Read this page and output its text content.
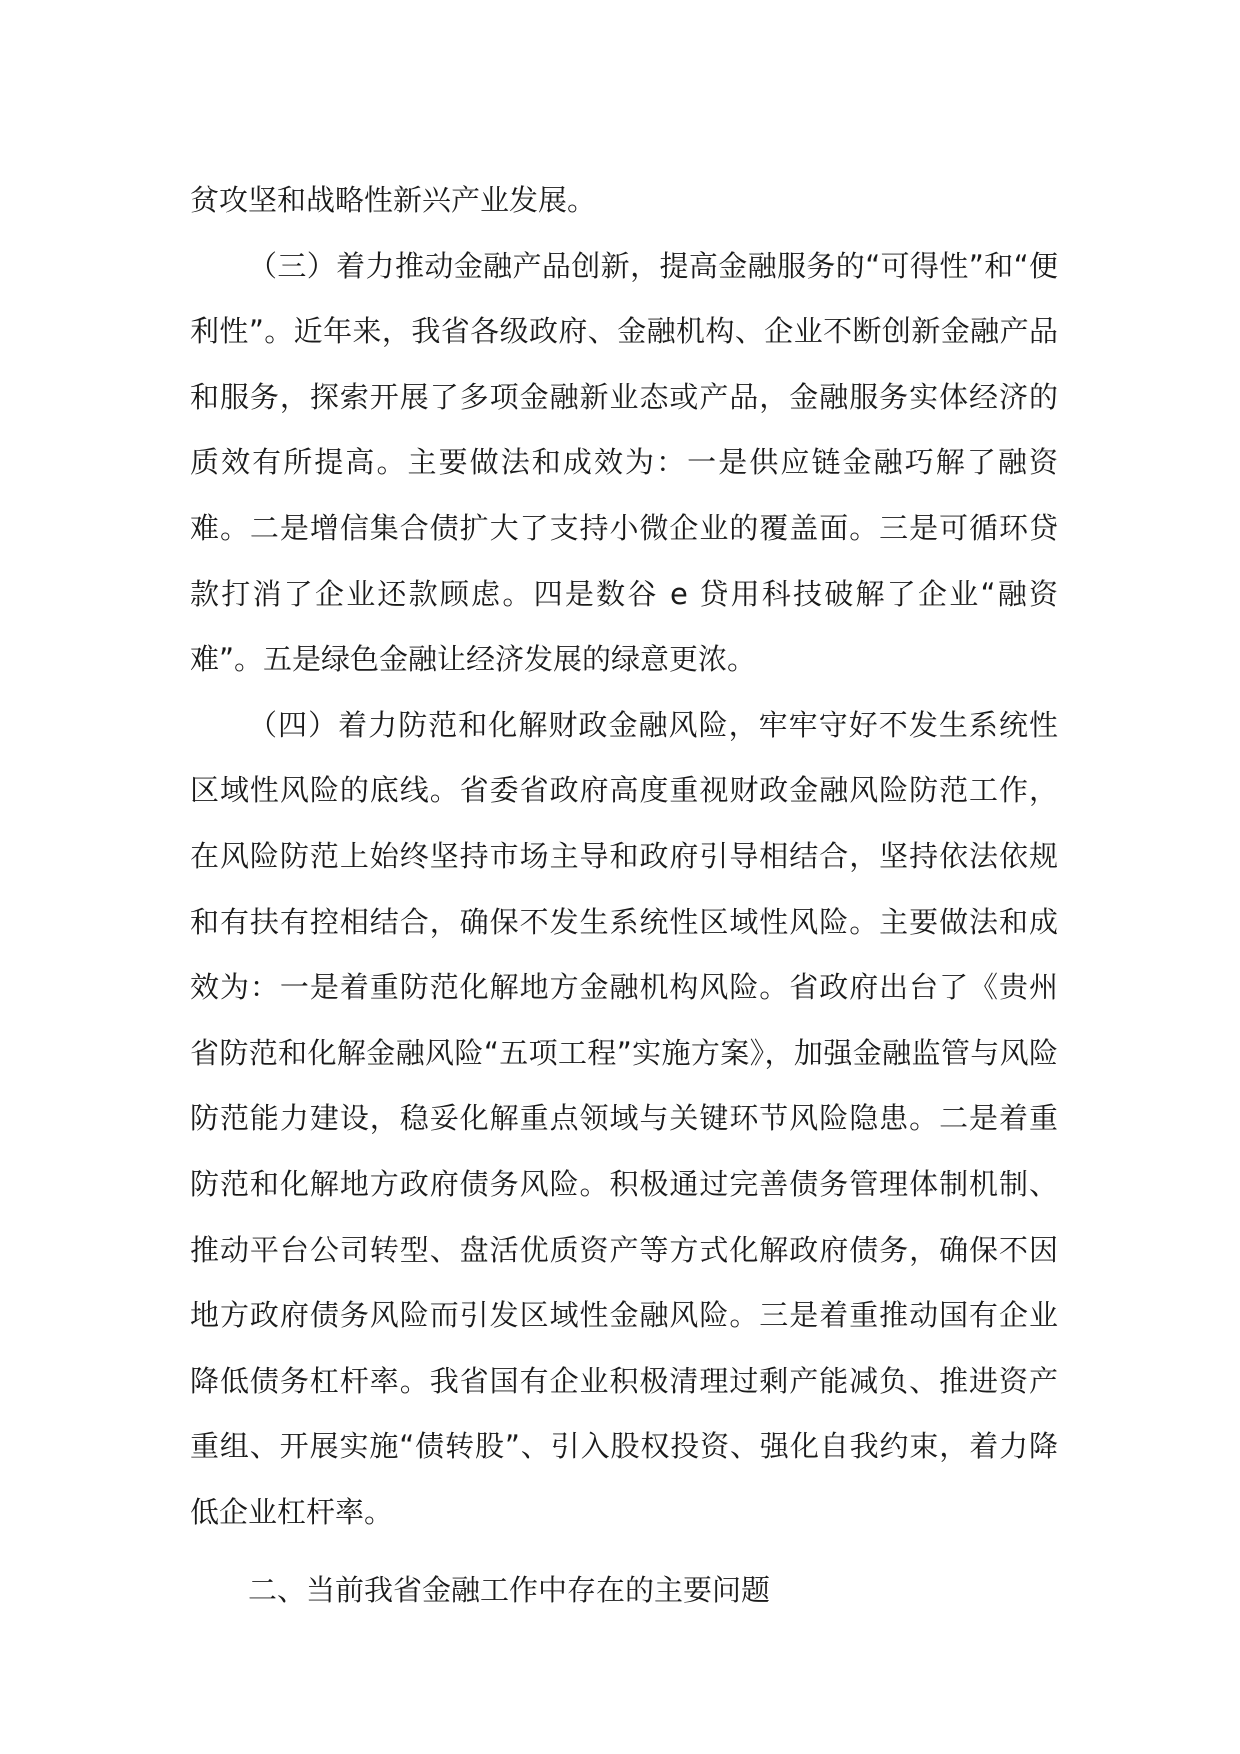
贫攻坚和战略性新兴产业发展。

（三）着力推动金融产品创新，提高金融服务的“可得性”和“便利性”。近年来，我省各级政府、金融机构、企业不断创新金融产品和服务，探索开展了多项金融新业态或产品，金融服务实体经济的质效有所提高。主要做法和成效为：一是供应链金融巧解了融资难。二是增信集合债扩大了支持小微企业的覆盖面。三是可循环贷款打消了企业还款顾虑。四是数谷 e 贷用科技破解了企业“融资难”。五是绿色金融让经济发展的绿意更浓。

（四）着力防范和化解财政金融风险，牢牢守好不发生系统性区域性风险的底线。省委省政府高度重视财政金融风险防范工作，在风险防范上始终坚持市场主导和政府引导相结合，坚持依法依规和有扶有控相结合，确保不发生系统性区域性风险。主要做法和成效为：一是着重防范化解地方金融机构风险。省政府出台了《贵州省防范和化解金融风险“五项工程”实施方案》，加强金融监管与风险防范能力建设，稳妥化解重点领域与关键环节风险隐患。二是着重防范和化解地方政府债务风险。积极通过完善债务管理体制机制、推动平台公司转型、盘活优质资产等方式化解政府债务，确保不因地方政府债务风险而引发区域性金融风险。三是着重推动国有企业降低债务杠杆率。我省国有企业积极清理过剩产能减负、推进资产重组、开展实施“债转股”、引入股权投资、强化自我约束，着力降低企业杠杆率。

二、当前我省金融工作中存在的主要问题
